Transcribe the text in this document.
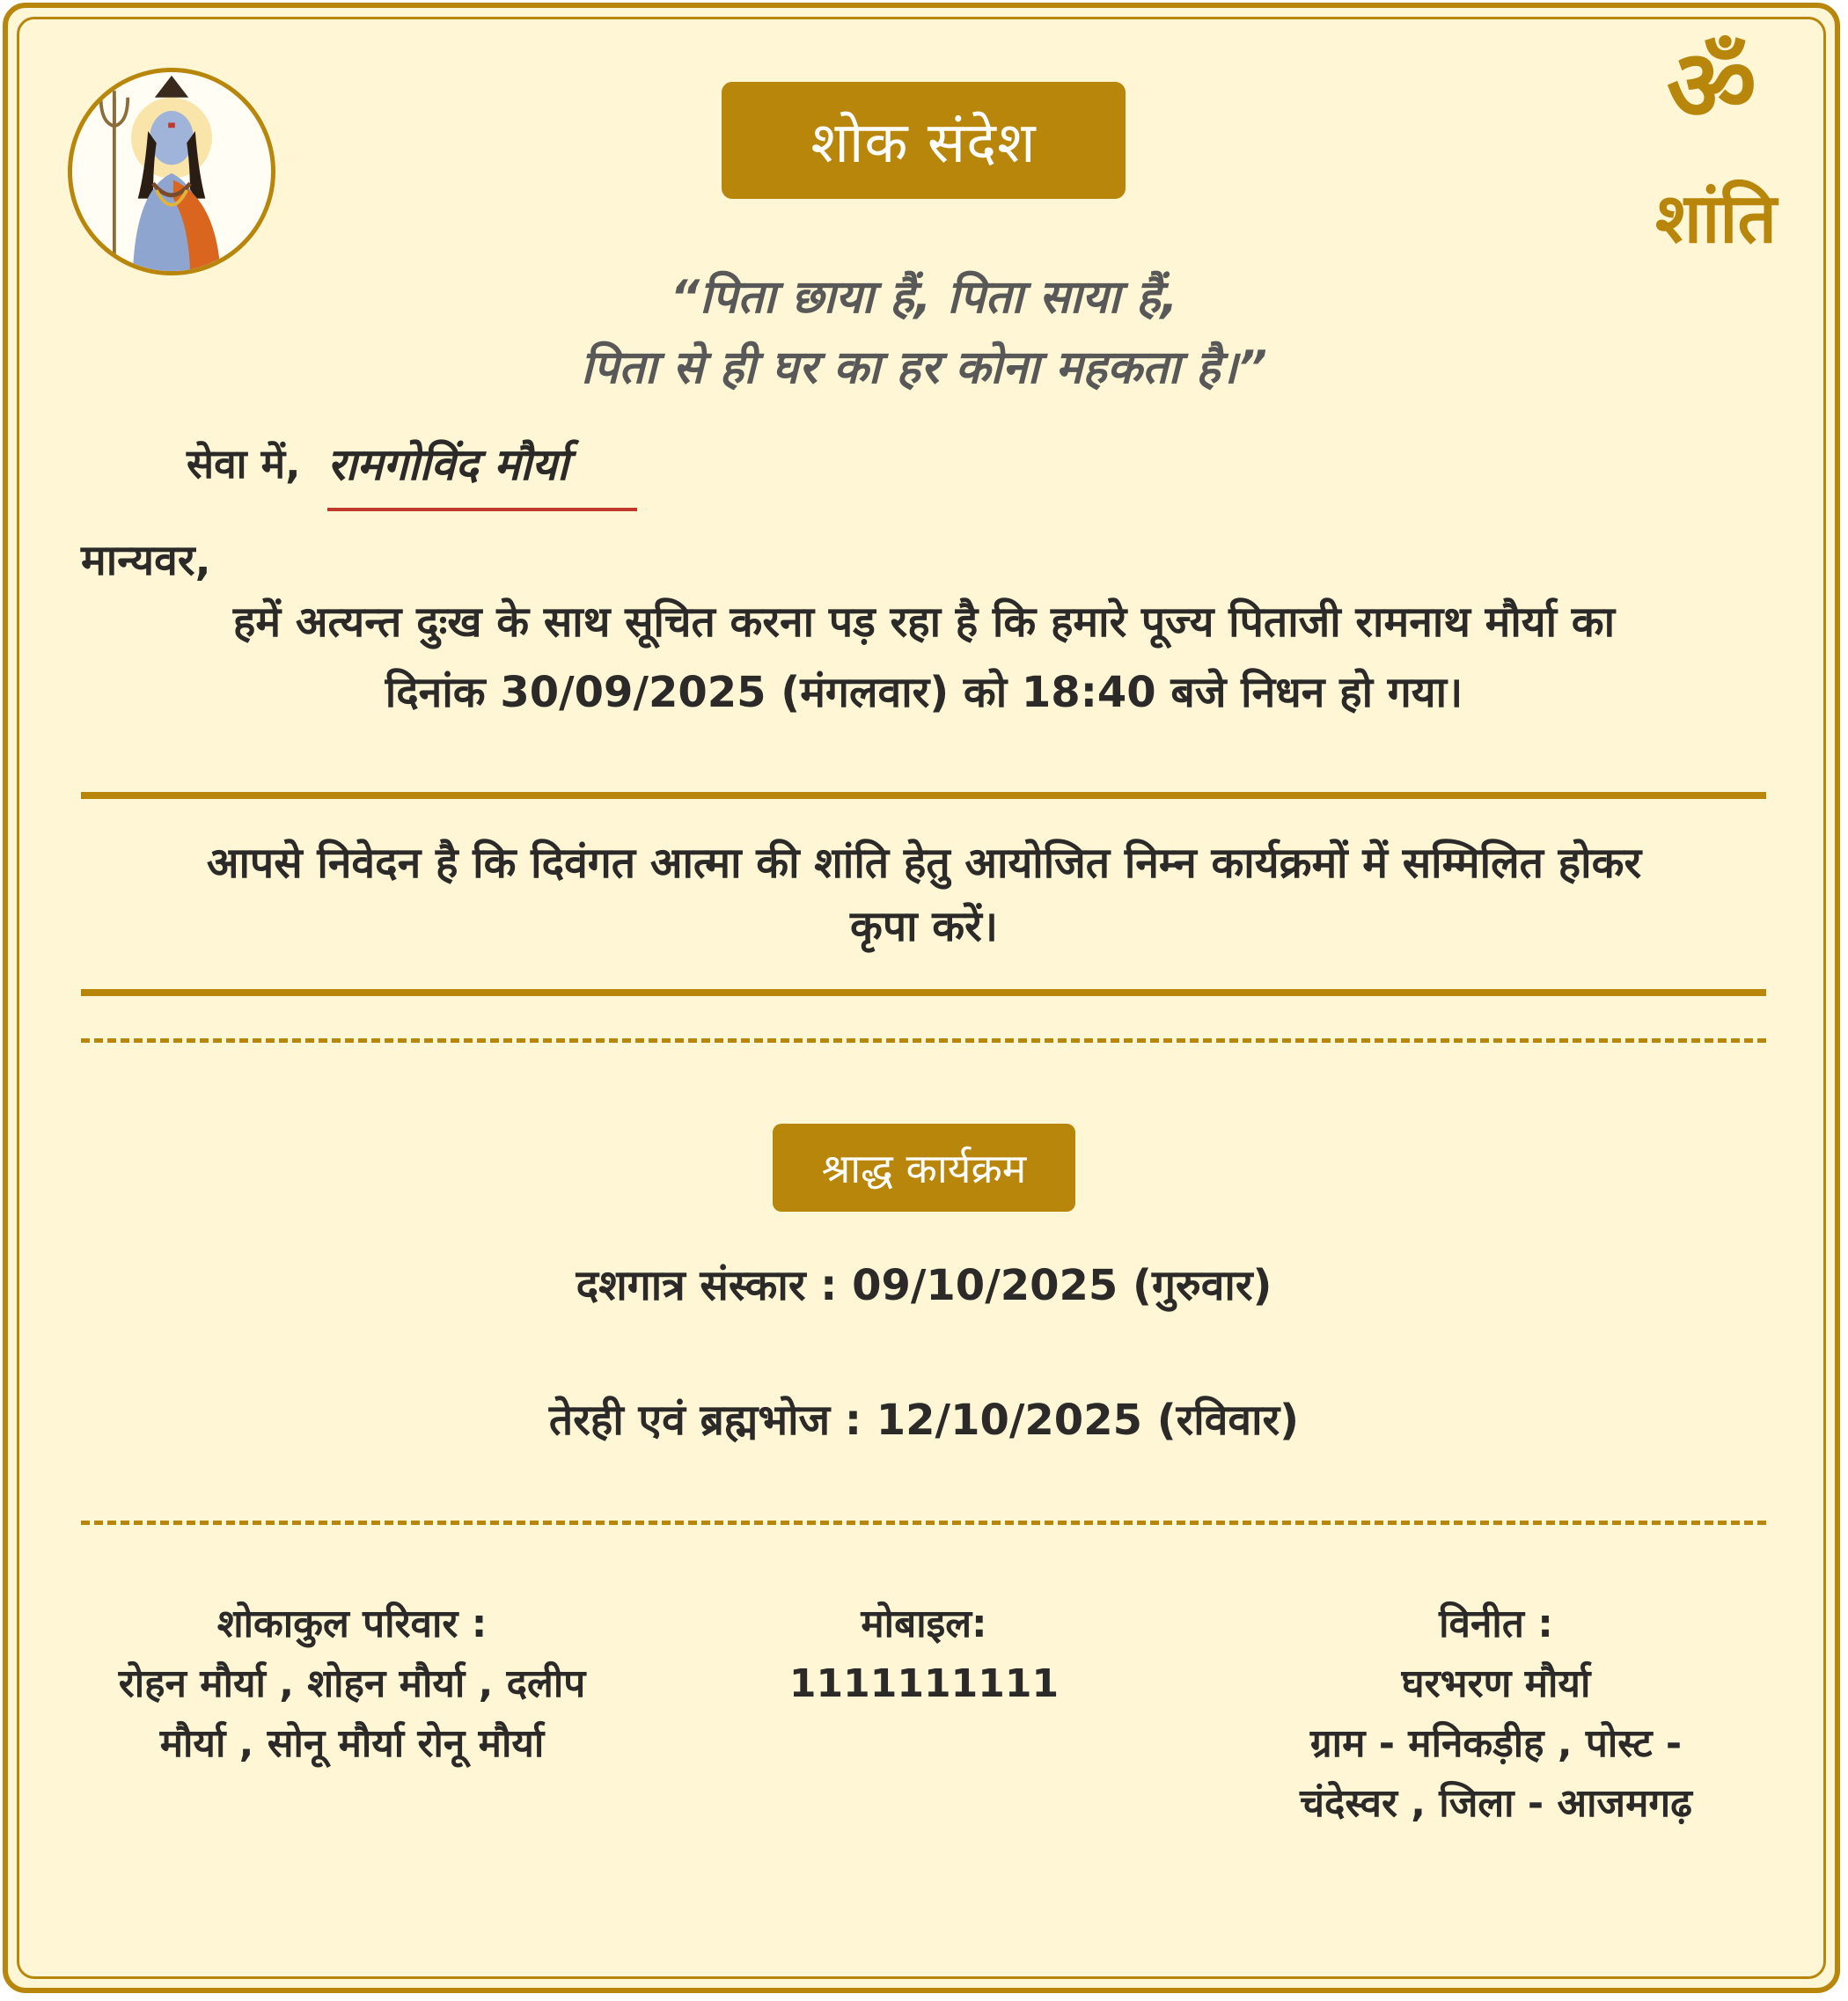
शोक संदेश	ॐ
शांति
“पिता छाया हैं, पिता साया हैं,
पिता से ही घर का हर कोना महकता है।”
सेवा में, रामगोविंद मौर्या
मान्यवर,
हमें अत्यन्त दुःख के साथ सूचित करना पड़ रहा है कि हमारे पूज्य पिताजी रामनाथ मौर्या का
दिनांक 30/09/2025 (मंगलवार) को 18:40 बजे निधन हो गया।
आपसे निवेदन है कि दिवंगत आत्मा की शांति हेतु आयोजित निम्न कार्यक्रमों में सम्मिलित होकर
कृपा करें।
श्राद्ध कार्यक्रम
दशगात्र संस्कार : 09/10/2025 (गुरुवार)
तेरही एवं ब्रह्मभोज : 12/10/2025 (रविवार)
शोकाकुल परिवार :
रोहन मौर्या , शोहन मौर्या , दलीप
मौर्या , सोनू मौर्या रोनू मौर्या
मोबाइल:
1111111111
विनीत :
घरभरण मौर्या
ग्राम - मनिकड़ीह , पोस्ट -
चंदेस्वर , जिला - आजमगढ़
